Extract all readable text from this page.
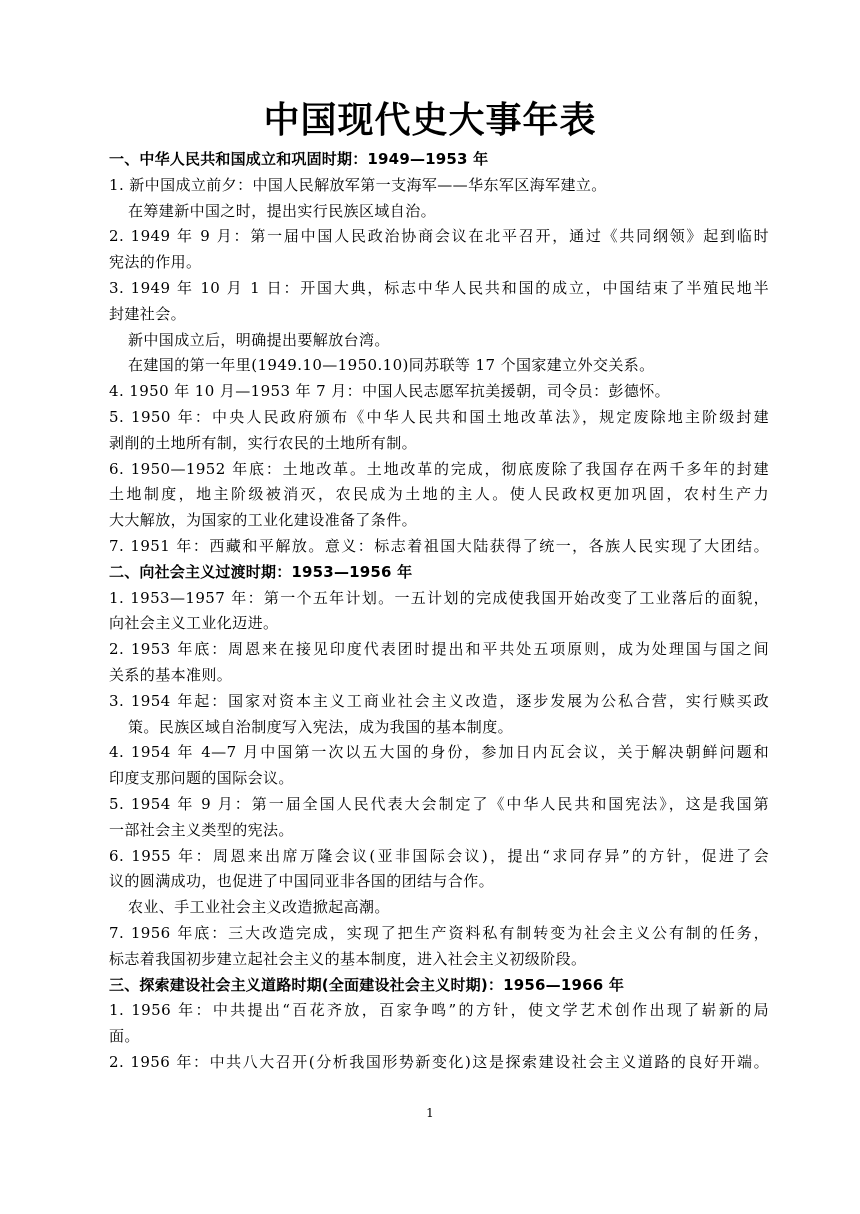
中国现代史大事年表
一、中华人民共和国成立和巩固时期：1949—1953 年
1. 新中国成立前夕：中国人民解放军第一支海军——华东军区海军建立。
在筹建新中国之时，提出实行民族区域自治。
2. 1949 年 9 月：第一届中国人民政治协商会议在北平召开，通过《共同纲领》起到临时
宪法的作用。
3. 1949 年 10 月 1 日：开国大典，标志中华人民共和国的成立，中国结束了半殖民地半
封建社会。
新中国成立后，明确提出要解放台湾。
在建国的第一年里(1949.10—1950.10)同苏联等 17 个国家建立外交关系。
4. 1950 年 10 月—1953 年 7 月：中国人民志愿军抗美援朝，司令员：彭德怀。
5. 1950 年：中央人民政府颁布《中华人民共和国土地改革法》，规定废除地主阶级封建
剥削的土地所有制，实行农民的土地所有制。
6. 1950—1952 年底：土地改革。土地改革的完成，彻底废除了我国存在两千多年的封建
土地制度，地主阶级被消灭，农民成为土地的主人。使人民政权更加巩固，农村生产力
大大解放，为国家的工业化建设准备了条件。
7. 1951 年：西藏和平解放。意义：标志着祖国大陆获得了统一，各族人民实现了大团结。
二、向社会主义过渡时期：1953—1956 年
1. 1953—1957 年：第一个五年计划。一五计划的完成使我国开始改变了工业落后的面貌，
向社会主义工业化迈进。
2. 1953 年底：周恩来在接见印度代表团时提出和平共处五项原则，成为处理国与国之间
关系的基本准则。
3. 1954 年起：国家对资本主义工商业社会主义改造，逐步发展为公私合营，实行赎买政
策。民族区域自治制度写入宪法，成为我国的基本制度。
4. 1954 年 4—7 月中国第一次以五大国的身份，参加日内瓦会议，关于解决朝鲜问题和
印度支那问题的国际会议。
5. 1954 年 9 月：第一届全国人民代表大会制定了《中华人民共和国宪法》，这是我国第
一部社会主义类型的宪法。
6. 1955 年：周恩来出席万隆会议(亚非国际会议)，提出“求同存异”的方针，促进了会
议的圆满成功，也促进了中国同亚非各国的团结与合作。
农业、手工业社会主义改造掀起高潮。
7. 1956 年底：三大改造完成，实现了把生产资料私有制转变为社会主义公有制的任务，
标志着我国初步建立起社会主义的基本制度，进入社会主义初级阶段。
三、探索建设社会主义道路时期(全面建设社会主义时期)：1956—1966 年
1. 1956 年：中共提出“百花齐放，百家争鸣”的方针，使文学艺术创作出现了崭新的局
面。
2. 1956 年：中共八大召开(分析我国形势新变化)这是探索建设社会主义道路的良好开端。
1
